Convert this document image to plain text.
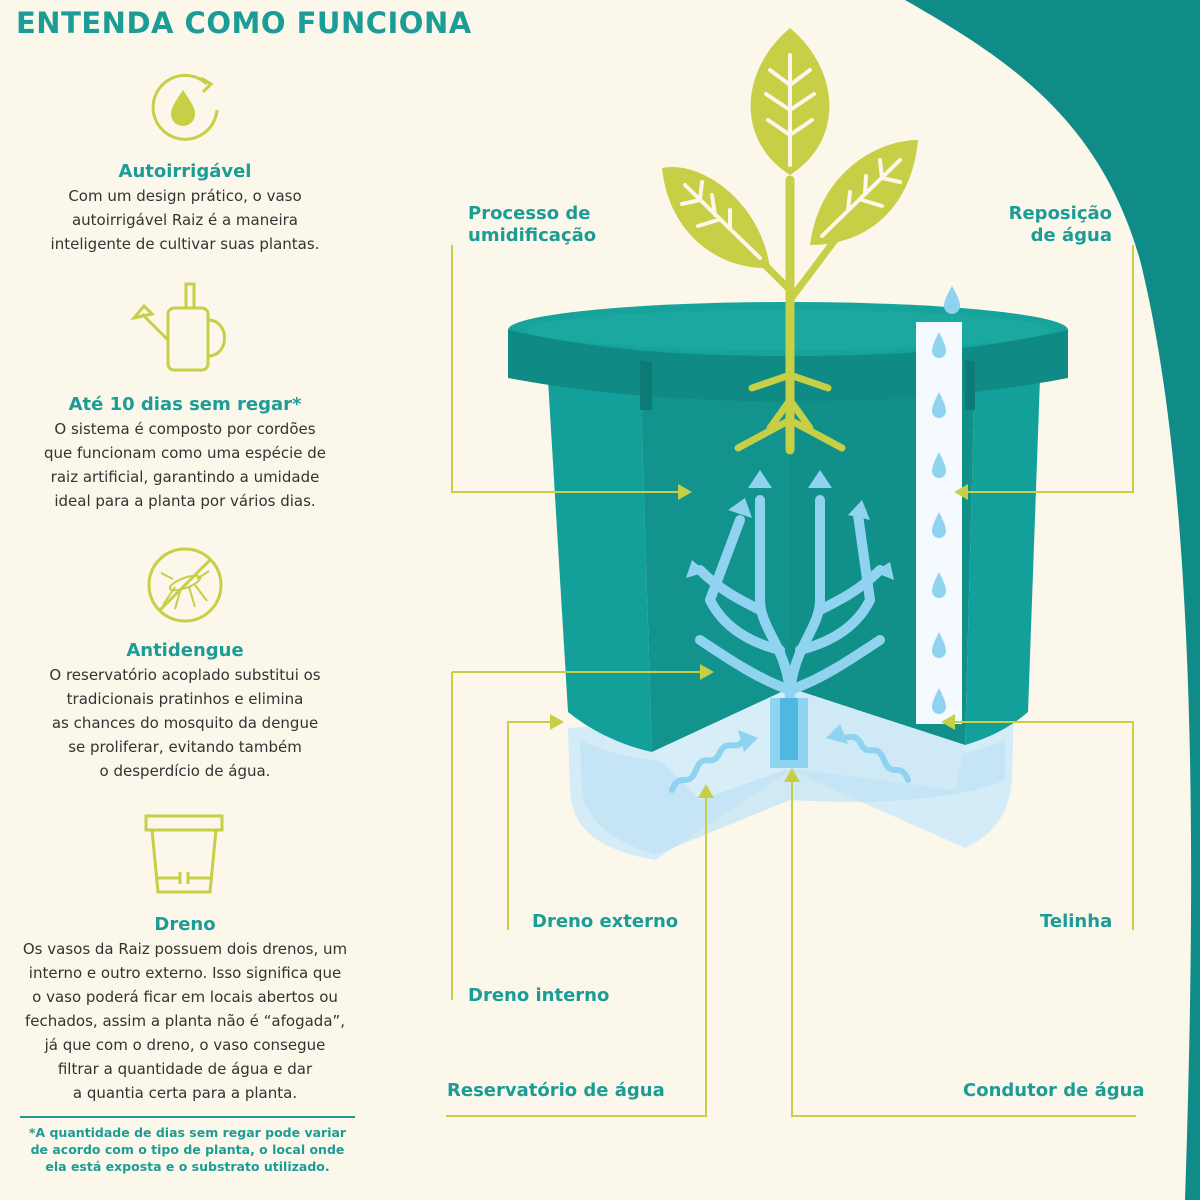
ENTENDA COMO FUNCIONA
Autoirrigável

Com um design prático, o vaso
autoirrigável Raiz é a maneira
inteligente de cultivar suas plantas.

Até 10 dias sem regar*

O sistema é composto por cordões
que funcionam como uma espécie de
raiz artificial, garantindo a umidade
ideal para a planta por vários dias.

Antidengue

O reservatório acoplado substitui os
tradicionais pratinhos e elimina
as chances do mosquito da dengue
se proliferar, evitando também
o desperdício de água.

Dreno

Os vasos da Raiz possuem dois drenos, um
interno e outro externo. Isso significa que
o vaso poderá ficar em locais abertos ou
fechados, assim a planta não é “afogada”,
já que com o dreno, o vaso consegue
filtrar a quantidade de água e dar
a quantia certa para a planta.

*A quantidade de dias sem regar pode variar
de acordo com o tipo de planta, o local onde
ela está exposta e o substrato utilizado.
Processo de
umidificação
Reposição
de água
Dreno externo	Telinha
Dreno interno
Reservatório de água	Condutor de água
